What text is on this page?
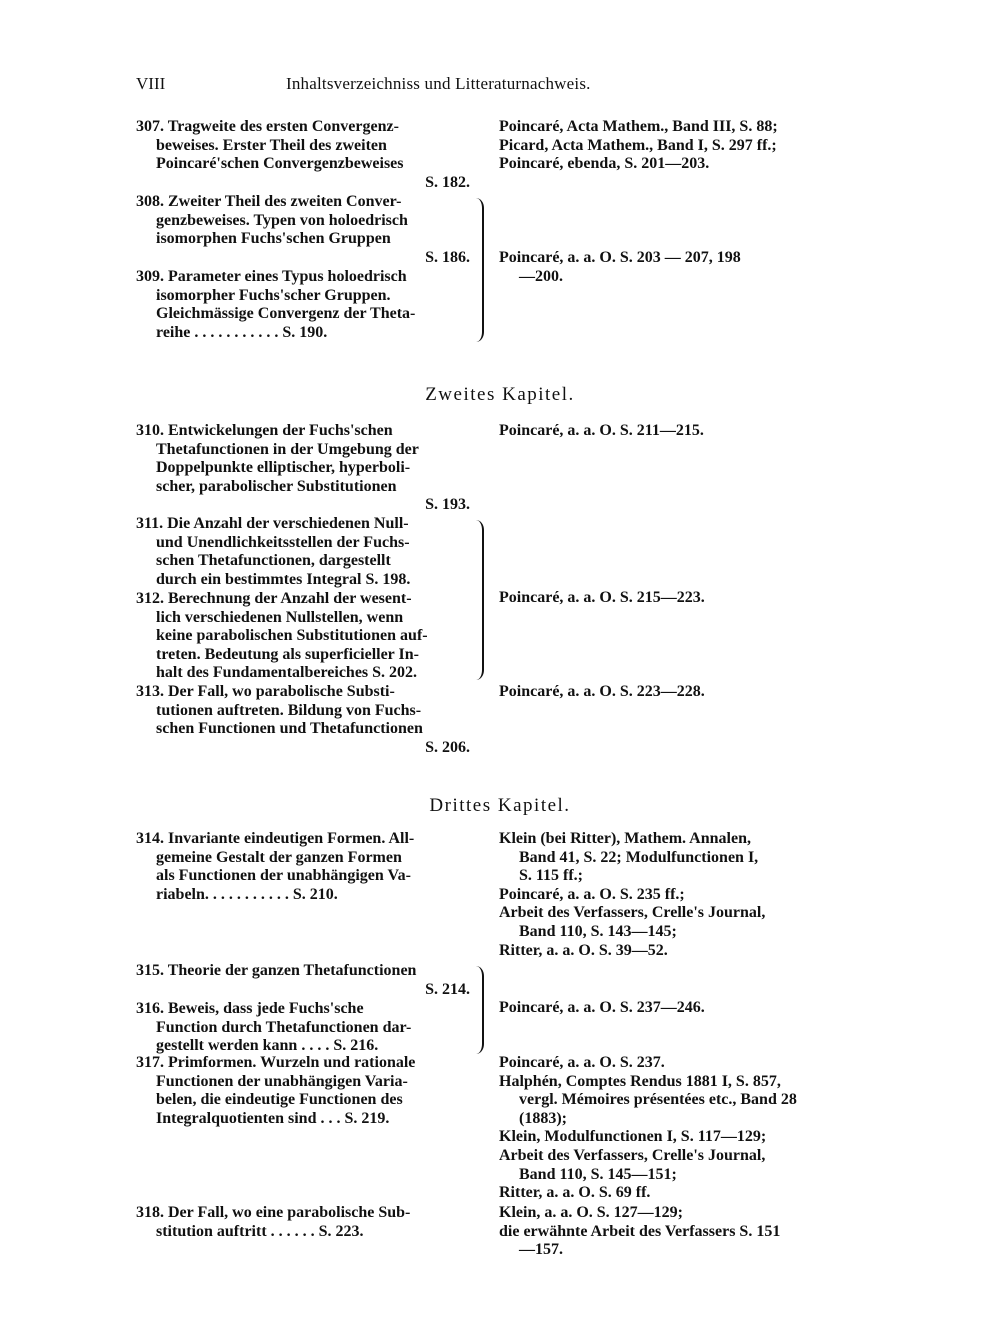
VIII	Inhaltsverzeichniss und Litteraturnachweis.
307. Tragweite des ersten Convergenz-
beweises. Erster Theil des zweiten
Poincaré'schen Convergenzbeweises
S. 182.
Poincaré, Acta Mathem., Band III, S. 88;
Picard, Acta Mathem., Band I, S. 297 ff.;
Poincaré, ebenda, S. 201—203.
308. Zweiter Theil des zweiten Conver-
genzbeweises. Typen von holoedrisch
isomorphen Fuchs'schen Gruppen
S. 186.
309. Parameter eines Typus holoedrisch
isomorpher Fuchs'scher Gruppen.
Gleichmässige Convergenz der Theta-
reihe . . . . . . . . . . . S. 190.
Poincaré, a. a. O. S. 203 — 207, 198
—200.
Zweites Kapitel.
310. Entwickelungen der Fuchs'schen
Thetafunctionen in der Umgebung der
Doppelpunkte elliptischer, hyperboli-
scher, parabolischer Substitutionen
S. 193.
Poincaré, a. a. O. S. 211—215.
311. Die Anzahl der verschiedenen Null-
und Unendlichkeitsstellen der Fuchs-
schen Thetafunctionen, dargestellt
durch ein bestimmtes Integral S. 198.
312. Berechnung der Anzahl der wesent-
lich verschiedenen Nullstellen, wenn
keine parabolischen Substitutionen auf-
treten. Bedeutung als superficieller In-
halt des Fundamentalbereiches S. 202.
Poincaré, a. a. O. S. 215—223.
313. Der Fall, wo parabolische Substi-
tutionen auftreten. Bildung von Fuchs-
schen Functionen und Thetafunctionen
S. 206.
Poincaré, a. a. O. S. 223—228.
Drittes Kapitel.
314. Invariante eindeutigen Formen. All-
gemeine Gestalt der ganzen Formen
als Functionen der unabhängigen Va-
riabeln. . . . . . . . . . . S. 210.
Klein (bei Ritter), Mathem. Annalen,
Band 41, S. 22; Modulfunctionen I,
S. 115 ff.;
Poincaré, a. a. O. S. 235 ff.;
Arbeit des Verfassers, Crelle's Journal,
Band 110, S. 143—145;
Ritter, a. a. O. S. 39—52.
315. Theorie der ganzen Thetafunctionen
S. 214.
316. Beweis, dass jede Fuchs'sche
Function durch Thetafunctionen dar-
gestellt werden kann . . . . S. 216.
Poincaré, a. a. O. S. 237—246.
317. Primformen. Wurzeln und rationale
Functionen der unabhängigen Varia-
belen, die eindeutige Functionen des
Integralquotienten sind . . . S. 219.
Poincaré, a. a. O. S. 237.
Halphén, Comptes Rendus 1881 I, S. 857,
vergl. Mémoires présentées etc., Band 28
(1883);
Klein, Modulfunctionen I, S. 117—129;
Arbeit des Verfassers, Crelle's Journal,
Band 110, S. 145—151;
Ritter, a. a. O. S. 69 ff.
318. Der Fall, wo eine parabolische Sub-
stitution auftritt . . . . . . S. 223.
Klein, a. a. O. S. 127—129;
die erwähnte Arbeit des Verfassers S. 151
—157.
